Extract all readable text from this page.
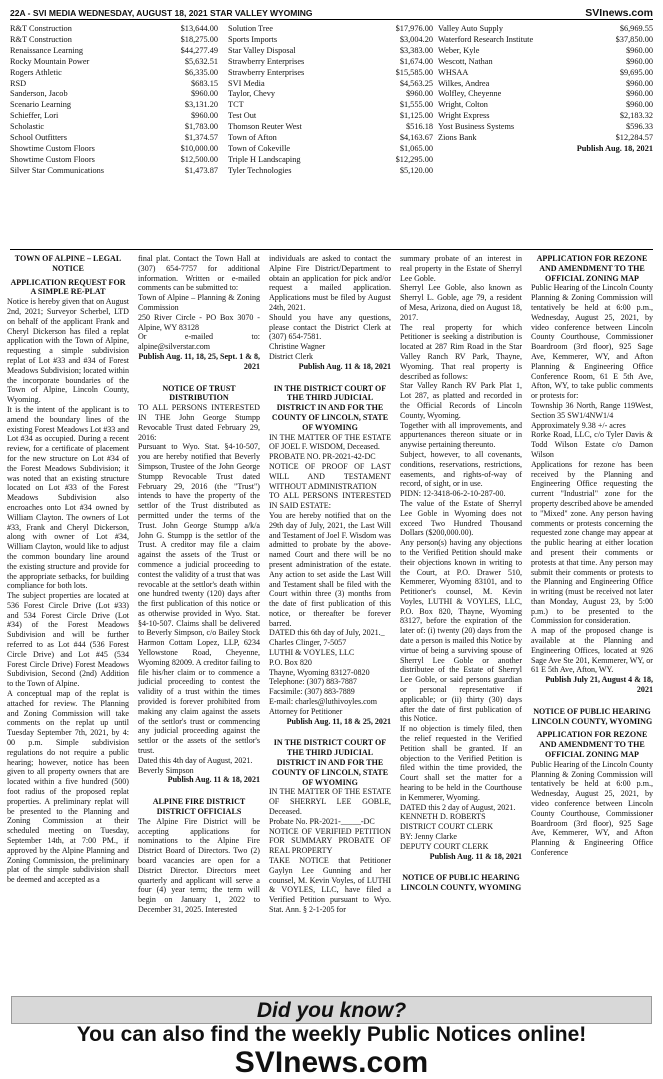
22A - SVI MEDIA WEDNESDAY, AUGUST 18, 2021 STAR VALLEY WYOMING	SVInews.com
R&T Construction	$13,644.00
R&T Construction	$18,275.00
Renaissance Learning	$44,277.49
Rocky Mountain Power	$5,632.51
Rogers Athletic	$6,335.00
RSD	$683.15
Sanderson, Jacob	$960.00
Scenario Learning	$3,131.20
Schieffer, Lori	$960.00
Scholastic	$1,783.00
School Outfitters	$1,374.57
Showtime Custom Floors	$10,000.00
Showtime Custom Floors	$12,500.00
Silver Star Communications	$1,473.87
Solution Tree	$17,976.00
Sports Imports	$3,004.20
Star Valley Disposal	$3,383.00
Strawberry Enterprises	$1,674.00
Strawberry Enterprises	$15,585.00
SVI Media	$4,563.25
Taylor, Chevy	$960.00
TCT	$1,555.00
Test Out	$1,125.00
Thomson Reuter West	$516.18
Town of Afton	$4,163.67
Town of Cokeville	$1,065.00
Triple H Landscaping	$12,295.00
Tyler Technologies	$5,120.00
Valley Auto Supply	$6,969.55
Waterford Research Institute	$37,850.00
Weber, Kyle	$960.00
Wescott, Nathan	$960.00
WHSAA	$9,695.00
Wilkes, Andrea	$960.00
Wolfley, Cheyenne	$960.00
Wright, Colton	$960.00
Wright Express	$2,183.32
Yost Business Systems	$596.33
Zions Bank	$12,284.57
Publish Aug. 18, 2021
TOWN OF ALPINE – LEGAL NOTICE
APPLICATION REQUEST FOR A SIMPLE RE-PLAT

Notice is hereby given that on August 2nd, 2021; Surveyor Scherbel, LTD on behalf of the applicant Frank and Cheryl Dickerson has filed a replat application with the Town of Alpine, requesting a simple subdivision replat of Lot #33 and #34 of Forest Meadows Subdivision; located within the incorporate boundaries of the Town of Alpine, Lincoln County, Wyoming.

It is the intent of the applicant is to amend the boundary lines of the existing Forest Meadows Lot #33 and Lot #34 as occupied. During a recent review, for a certificate of placement for the new structure on Lot #34 of the Forest Meadows Subdivision; it was noted that an existing structure located on Lot #33 of the Forest Meadows Subdivision also encroaches onto Lot #34 owned by William Clayton. The owners of Lot #33, Frank and Cheryl Dickerson, along with owner of Lot #34, William Clayton, would like to adjust the common boundary line around the existing structure and provide for the appropriate setbacks, for building compliance for both lots.

The subject properties are located at 536 Forest Circle Drive (Lot #33) and 534 Forest Circle Drive (Lot #34) of the Forest Meadows Subdivision and will be further referred to as Lot #44 (536 Forest Circle Drive) and Lot #45 (534 Forest Circle Drive) Forest Meadows Subdivision, Second (2nd) Addition to the Town of Alpine.

A conceptual map of the replat is attached for review. The Planning and Zoning Commission will take comments on the replat up until Tuesday September 7th, 2021, by 4: 00 p.m. Simple subdivision regulations do not require a public hearing; however, notice has been given to all property owners that are located within a five hundred (500) foot radius of the proposed replat properties. A preliminary replat will be presented to the Planning and Zoning Commission at their scheduled meeting on Tuesday, September 14th, at 7:00 PM., if approved by the Alpine Planning and Zoning Commission, the preliminary plat of the simple subdivision shall be deemed and accepted as a

final plat. Contact the Town Hall at (307) 654-7757 for additional information. Written or e-mailed comments can be submitted to:

Town of Alpine – Planning & Zoning Commission

250 River Circle - PO Box 3070 - Alpine, WY 83128

Or e-mailed to: alpine@silverstar.com

Publish Aug. 11, 18, 25, Sept. 1 & 8, 2021
NOTICE OF TRUST DISTRIBUTION

TO ALL PERSONS INTERESTED IN THE John George Stumpp Revocable Trust dated February 29, 2016:

Pursuant to Wyo. Stat. §4-10-507, you are hereby notified that Beverly Simpson, Trustee of the John George Stumpp Revocable Trust dated February 29, 2016 (the "Trust") intends to have the property of the settlor of the Trust distributed as permitted under the terms of the Trust. John George Stumpp a/k/a John G. Stumpp is the settlor of the Trust. A creditor may file a claim against the assets of the Trust or commence a judicial proceeding to contest the validity of a trust that was revocable at the settlor's death within one hundred twenty (120) days after the first publication of this notice or as otherwise provided in Wyo. Stat. §4-10-507. Claims shall be delivered to Beverly Simpson, c/o Bailey Stock Harmon Cottam Lopez, LLP, 6234 Yellowstone Road, Cheyenne, Wyoming 82009. A creditor failing to file his/her claim or to commence a judicial proceeding to contest the validity of a trust within the times provided is forever prohibited from making any claim against the assets of the settlor's trust or commencing any judicial proceeding against the settlor or the assets of the settlor's trust.

Dated this 4th day of August, 2021.

Beverly Simpson

Publish Aug. 11 & 18, 2021
ALPINE FIRE DISTRICT DISTRICT OFFICIALS

The Alpine Fire District will be accepting applications for nominations to the Alpine Fire District Board of Directors. Two (2) board vacancies are open for a District Director. Directors meet quarterly and applicant will serve a four (4) year term; the term will begin on January 1, 2022 to December 31, 2025. Interested

individuals are asked to contact the Alpine Fire District/Department to obtain an application for pick and/or request a mailed application. Applications must be filed by August 24th, 2021.

Should you have any questions, please contact the District Clerk at (307) 654-7581.

Christine Wagner

District Clerk

Publish Aug. 11 & 18, 2021
IN THE DISTRICT COURT OF THE THIRD JUDICIAL DISTRICT IN AND FOR THE COUNTY OF LINCOLN, STATE OF WYOMING

IN THE MATTER OF THE ESTATE OF JOEL F. WISDOM, Deceased.

PROBATE NO. PR-2021-42-DC

NOTICE OF PROOF OF LAST WILL AND TESTAMENT WITHOUT ADMINISTRATION

TO ALL PERSONS INTERESTED IN SAID ESTATE:

You are hereby notified that on the 29th day of July, 2021, the Last Will and Testament of Joel F. Wisdom was admitted to probate by the above-named Court and there will be no present administration of the estate. Any action to set aside the Last Will and Testament shall be filed with the Court within three (3) months from the date of first publication of this notice, or thereafter be forever barred.

DATED this 6th day of July, 2021._

Charles Clinger, 7-5057

LUTHI & VOYLES, LLC

P.O. Box 820

Thayne, Wyoming 83127-0820

Telephone: (307) 883-7887

Facsimile: (307) 883-7889

E-mail: charles@luthivoyles.com

Attorney for Petitioner

Publish Aug. 11, 18 & 25, 2021
IN THE DISTRICT COURT OF THE THIRD JUDICIAL DISTRICT IN AND FOR THE COUNTY OF LINCOLN, STATE OF WYOMING

IN THE MATTER OF THE ESTATE OF SHERRYL LEE GOBLE, Deceased.

Probate No. PR-2021-_____-DC

NOTICE OF VERIFIED PETITION FOR SUMMARY PROBATE OF REAL PROPERTY

TAKE NOTICE that Petitioner Gaylyn Lee Gunning and her counsel, M. Kevin Voyles, of LUTHI & VOYLES, LLC, have filed a Verified Petition pursuant to Wyo. Stat. Ann. § 2-1-205 for

summary probate of an interest in real property in the Estate of Sherryl Lee Goble.

Sherryl Lee Goble, also known as Sherryl L. Goble, age 79, a resident of Mesa, Arizona, died on August 18, 2017.

The real property for which Petitioner is seeking a distribution is located at 287 Rim Road in the Star Valley Ranch RV Park, Thayne, Wyoming. That real property is described as follows:

Star Valley Ranch RV Park Plat 1, Lot 287, as platted and recorded in the Official Records of Lincoln County, Wyoming.

Together with all improvements, and appurtenances thereon situate or in anywise pertaining thereunto.

Subject, however, to all covenants, conditions, reservations, restrictions, easements, and rights-of-way of record, of sight, or in use.

PIDN: 12-3418-06-2-10-287-00.

The value of the Estate of Sherryl Lee Goble in Wyoming does not exceed Two Hundred Thousand Dollars ($200,000.00).

Any person(s) having any objections to the Verified Petition should make their objections known in writing to the Court, at P.O. Drawer 510, Kemmerer, Wyoming 83101, and to Petitioner's counsel, M. Kevin Voyles, LUTHI & VOYLES, LLC, P.O. Box 820, Thayne, Wyoming 83127, before the expiration of the later of: (i) twenty (20) days from the date a person is mailed this Notice by virtue of being a surviving spouse of Sherryl Lee Goble or another distributee of the Estate of Sherryl Lee Goble, or said persons guardian or personal representative if applicable; or (ii) thirty (30) days after the date of first publication of this Notice.

If no objection is timely filed, then the relief requested in the Verified Petition shall be granted. If an objection to the Verified Petition is filed within the time provided, the Court shall set the matter for a hearing to be held in the Courthouse in Kemmerer, Wyoming.

DATED this 2 day of August, 2021.

KENNETH D. ROBERTS

DISTRICT COURT CLERK

BY: Jenny Clarke

DEPUTY COURT CLERK

Publish Aug. 11 & 18, 2021
NOTICE OF PUBLIC HEARING LINCOLN COUNTY, WYOMING
APPLICATION FOR REZONE AND AMENDMENT TO THE OFFICIAL ZONING MAP

Public Hearing of the Lincoln County Planning & Zoning Commission will tentatively be held at 6:00 p.m., Wednesday, August 25, 2021, by video conference between Lincoln County Courthouse, Commissioner Boardroom (3rd floor), 925 Sage Ave, Kemmerer, WY, and Afton Planning & Engineering Office Conference Room, 61 E 5th Ave, Afton, WY, to take public comments or protests for:

Township 36 North, Range 119West, Section 35 SW1/4NW1/4

Approximately 9.38 +/- acres

Rorke Road, LLC, c/o Tyler Davis & Todd Wilson Estate c/o Damon Wilson

Applications for rezone has been received by the Planning and Engineering Office requesting the current "Industrial" zone for the property described above be amended to "Mixed" zone. Any person having comments or protests concerning the requested zone change may appear at the public hearing at either location and present their comments or protests at that time. Any person may submit their comments or protests to the Planning and Engineering Office in writing (must be received not later than Monday, August 23, by 5:00 p.m.) to be presented to the Commission for consideration.

A map of the proposed change is available at the Planning and Engineering Offices, located at 926 Sage Ave Ste 201, Kemmerer, WY, or 61 E 5th Ave, Afton, WY.

Publish July 21, August 4 & 18, 2021
NOTICE OF PUBLIC HEARING LINCOLN COUNTY, WYOMING
APPLICATION FOR REZONE AND AMENDMENT TO THE OFFICIAL ZONING MAP

Public Hearing of the Lincoln County Planning & Zoning Commission will tentatively be held at 6:00 p.m., Wednesday, August 25, 2021, by video conference between Lincoln County Courthouse, Commissioner Boardroom (3rd floor), 925 Sage Ave, Kemmerer, WY, and Afton Planning & Engineering Office Conference

Did you know?
You can also find the weekly Public Notices online!
SVInews.com
